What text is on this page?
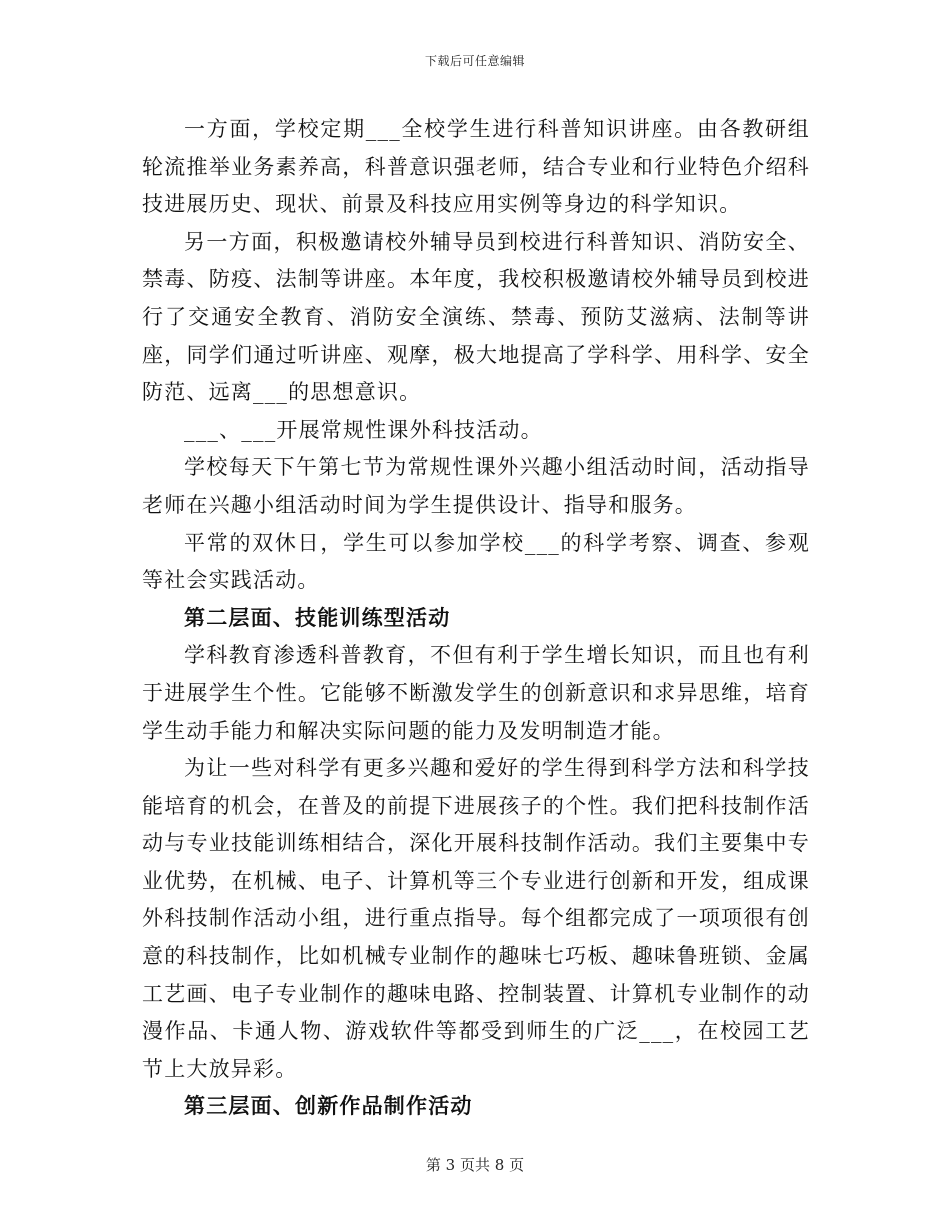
下载后可任意编辑

一方面，学校定期___全校学生进行科普知识讲座。由各教研组轮流推举业务素养高，科普意识强老师，结合专业和行业特色介绍科技进展历史、现状、前景及科技应用实例等身边的科学知识。

另一方面，积极邀请校外辅导员到校进行科普知识、消防安全、禁毒、防疫、法制等讲座。本年度，我校积极邀请校外辅导员到校进行了交通安全教育、消防安全演练、禁毒、预防艾滋病、法制等讲座，同学们通过听讲座、观摩，极大地提高了学科学、用科学、安全防范、远离___的思想意识。

___、___开展常规性课外科技活动。

学校每天下午第七节为常规性课外兴趣小组活动时间，活动指导老师在兴趣小组活动时间为学生提供设计、指导和服务。

平常的双休日，学生可以参加学校___的科学考察、调查、参观等社会实践活动。

第二层面、技能训练型活动

学科教育渗透科普教育，不但有利于学生增长知识，而且也有利于进展学生个性。它能够不断激发学生的创新意识和求异思维，培育学生动手能力和解决实际问题的能力及发明制造才能。

为让一些对科学有更多兴趣和爱好的学生得到科学方法和科学技能培育的机会，在普及的前提下进展孩子的个性。我们把科技制作活动与专业技能训练相结合，深化开展科技制作活动。我们主要集中专业优势，在机械、电子、计算机等三个专业进行创新和开发，组成课外科技制作活动小组，进行重点指导。每个组都完成了一项项很有创意的科技制作，比如机械专业制作的趣味七巧板、趣味鲁班锁、金属工艺画、电子专业制作的趣味电路、控制装置、计算机专业制作的动漫作品、卡通人物、游戏软件等都受到师生的广泛___，在校园工艺节上大放异彩。

第三层面、创新作品制作活动

第 3 页共 8 页
